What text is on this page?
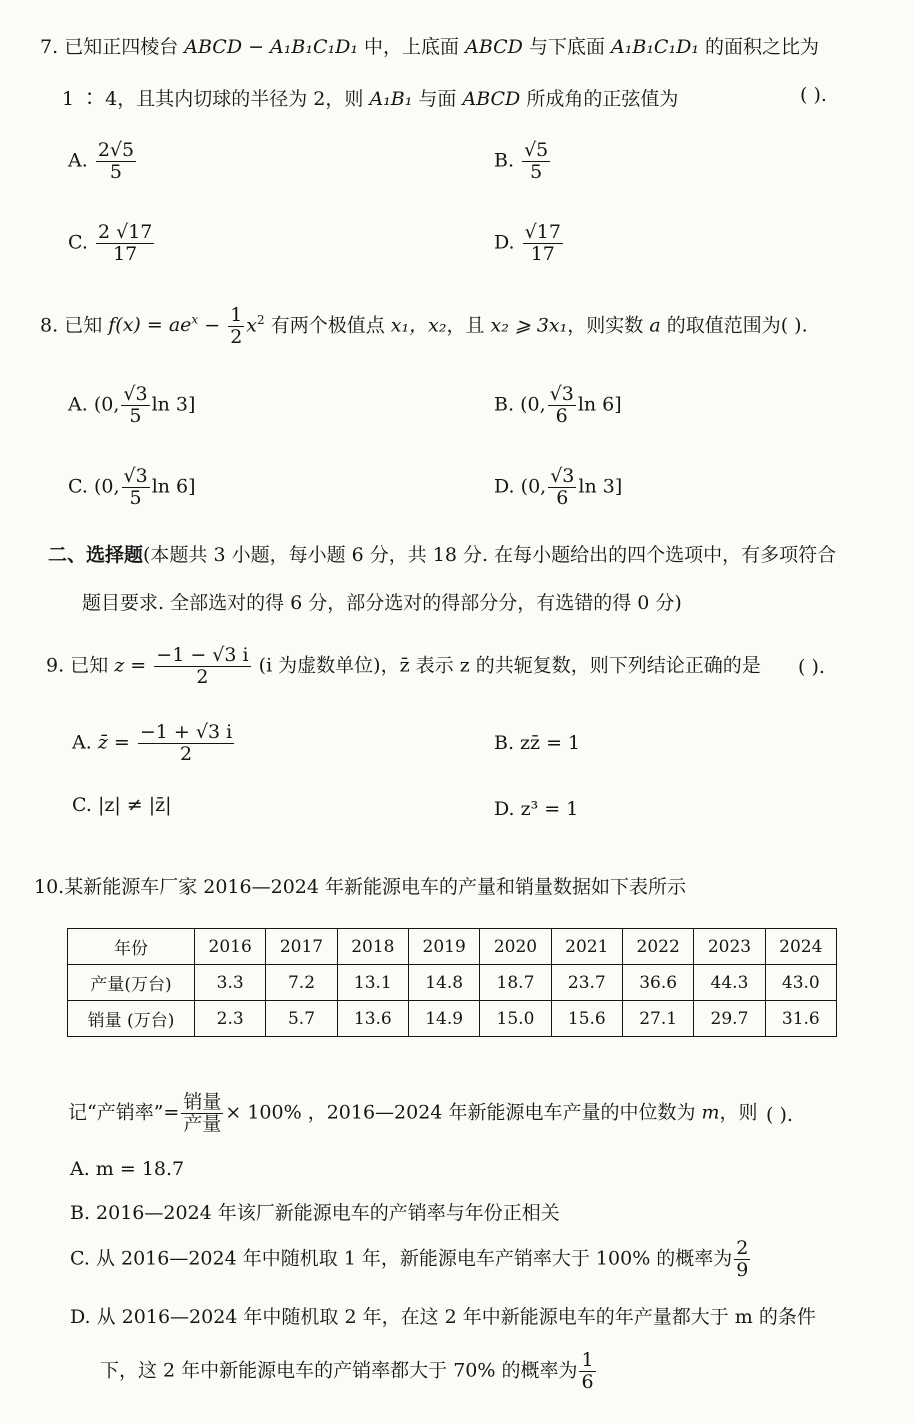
7. 已知正四棱台 ABCD − A₁B₁C₁D₁ 中，上底面 ABCD 与下底面 A₁B₁C₁D₁ 的面积之比为
1 ∶ 4，且其内切球的半径为 2，则 A₁B₁ 与面 ABCD 所成角的正弦值为	( ).
A. $\frac{2√5}{5}$	B. $\frac{√5}{5}$
C. $\frac{2 √17}{17}$	D. $\frac{√17}{17}$
8. 已知 $f(x) = ae^x - \frac{1}{2} x^2$ 有两个极值点 x₁，x₂，且 x₂ ⩾ 3x₁，则实数 a 的取值范围为( ).
A. (0, $\frac{√3}{5}$ ln 3]	B. (0, $\frac{√3}{6}$ ln 6]
C. (0, $\frac{√3}{5}$ ln 6]	D. (0, $\frac{√3}{6}$ ln 3]
二、选择题(本题共 3 小题，每小题 6 分，共 18 分. 在每小题给出的四个选项中，有多项符合
题目要求. 全部选对的得 6 分，部分选对的得部分分，有选错的得 0 分)
9. 已知 $z = \frac{-1 - √3 i}{2} (i$ 为虚数单位)，z̄ 表示 z 的共轭复数，则下列结论正确的是 ( ).
A. z̄ = $\frac{-1 + √3 i}{2}$	B. zz̄ = 1
C. |z| ≠ |z̄|	D. z³ = 1
10.某新能源车厂家 2016—2024 年新能源电车的产量和销量数据如下表所示
年份	2016	2017	2018	2019	2020	2021	2022	2023	2024
产量(万台)	3.3	7.2	13.1	14.8	18.7	23.7	36.6	44.3	43.0
销量 (万台)	2.3	5.7	13.6	14.9	15.0	15.6	27.1	29.7	31.6
记“产销率”= $\frac{\text{销量}}{\text{产量}} \times 100\%$ ，2016—2024 年新能源电车产量的中位数为 m，则 ( ).
A. m = 18.7
B. 2016—2024 年该厂新能源电车的产销率与年份正相关
C. 从 2016—2024 年中随机取 1 年，新能源电车产销率大于 100% 的概率为 $\frac{2}{9}$
D. 从 2016—2024 年中随机取 2 年，在这 2 年中新能源电车的年产量都大于 m 的条件
下，这 2 年中新能源电车的产销率都大于 70% 的概率为 $\frac{1}{6}$
